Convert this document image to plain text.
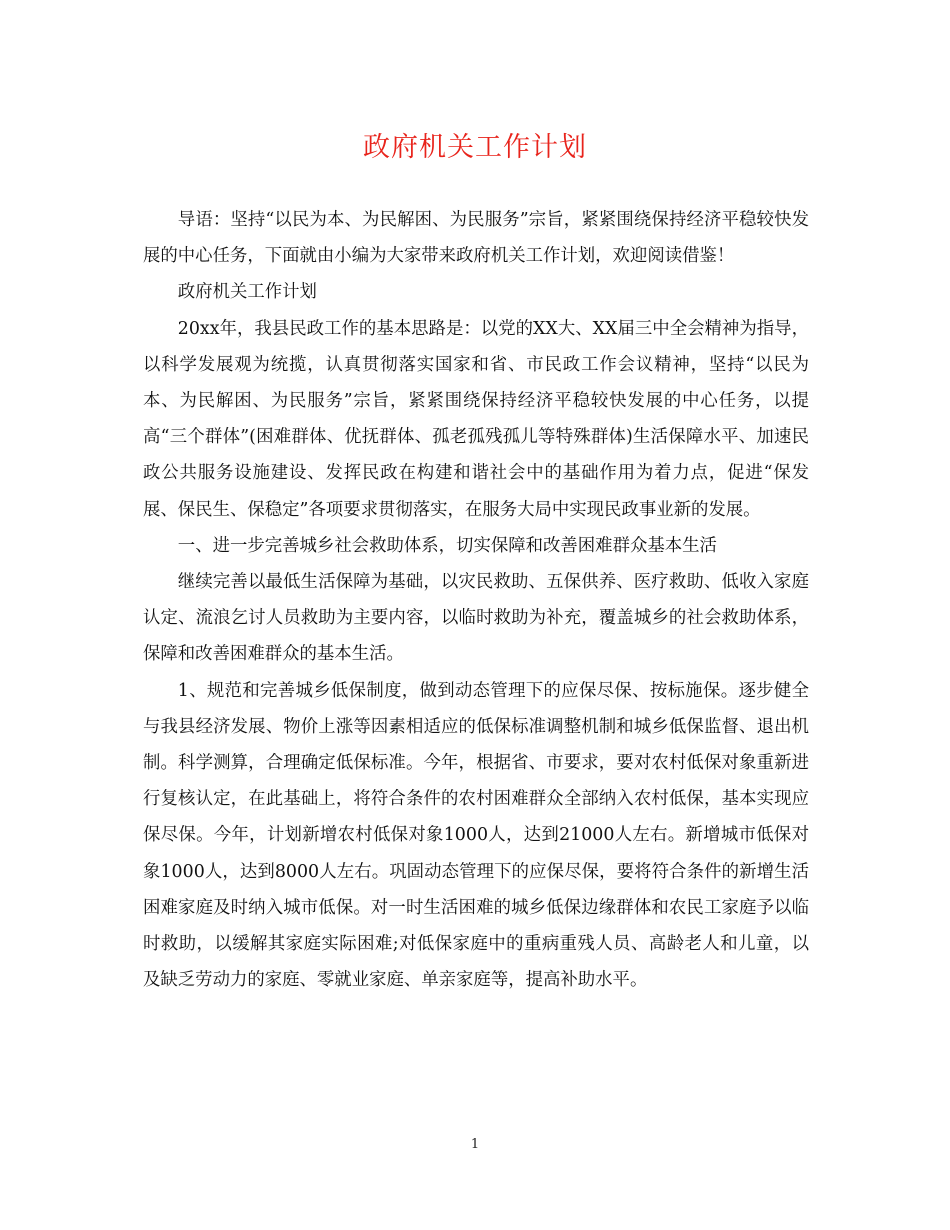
政府机关工作计划

导语：坚持“以民为本、为民解困、为民服务”宗旨，紧紧围绕保持经济平稳较快发展的中心任务，下面就由小编为大家带来政府机关工作计划，欢迎阅读借鉴！

政府机关工作计划

20xx年，我县民政工作的基本思路是：以党的XX大、XX届三中全会精神为指导，以科学发展观为统揽，认真贯彻落实国家和省、市民政工作会议精神，坚持“以民为本、为民解困、为民服务”宗旨，紧紧围绕保持经济平稳较快发展的中心任务，以提高“三个群体”(困难群体、优抚群体、孤老孤残孤儿等特殊群体)生活保障水平、加速民政公共服务设施建设、发挥民政在构建和谐社会中的基础作用为着力点，促进“保发展、保民生、保稳定”各项要求贯彻落实，在服务大局中实现民政事业新的发展。

一、进一步完善城乡社会救助体系，切实保障和改善困难群众基本生活

继续完善以最低生活保障为基础，以灾民救助、五保供养、医疗救助、低收入家庭认定、流浪乞讨人员救助为主要内容，以临时救助为补充，覆盖城乡的社会救助体系，保障和改善困难群众的基本生活。

1、规范和完善城乡低保制度，做到动态管理下的应保尽保、按标施保。逐步健全与我县经济发展、物价上涨等因素相适应的低保标准调整机制和城乡低保监督、退出机制。科学测算，合理确定低保标准。今年，根据省、市要求，要对农村低保对象重新进行复核认定，在此基础上，将符合条件的农村困难群众全部纳入农村低保，基本实现应保尽保。今年，计划新增农村低保对象1000人，达到21000人左右。新增城市低保对象1000人，达到8000人左右。巩固动态管理下的应保尽保，要将符合条件的新增生活困难家庭及时纳入城市低保。对一时生活困难的城乡低保边缘群体和农民工家庭予以临时救助，以缓解其家庭实际困难;对低保家庭中的重病重残人员、高龄老人和儿童，以及缺乏劳动力的家庭、零就业家庭、单亲家庭等，提高补助水平。

1
